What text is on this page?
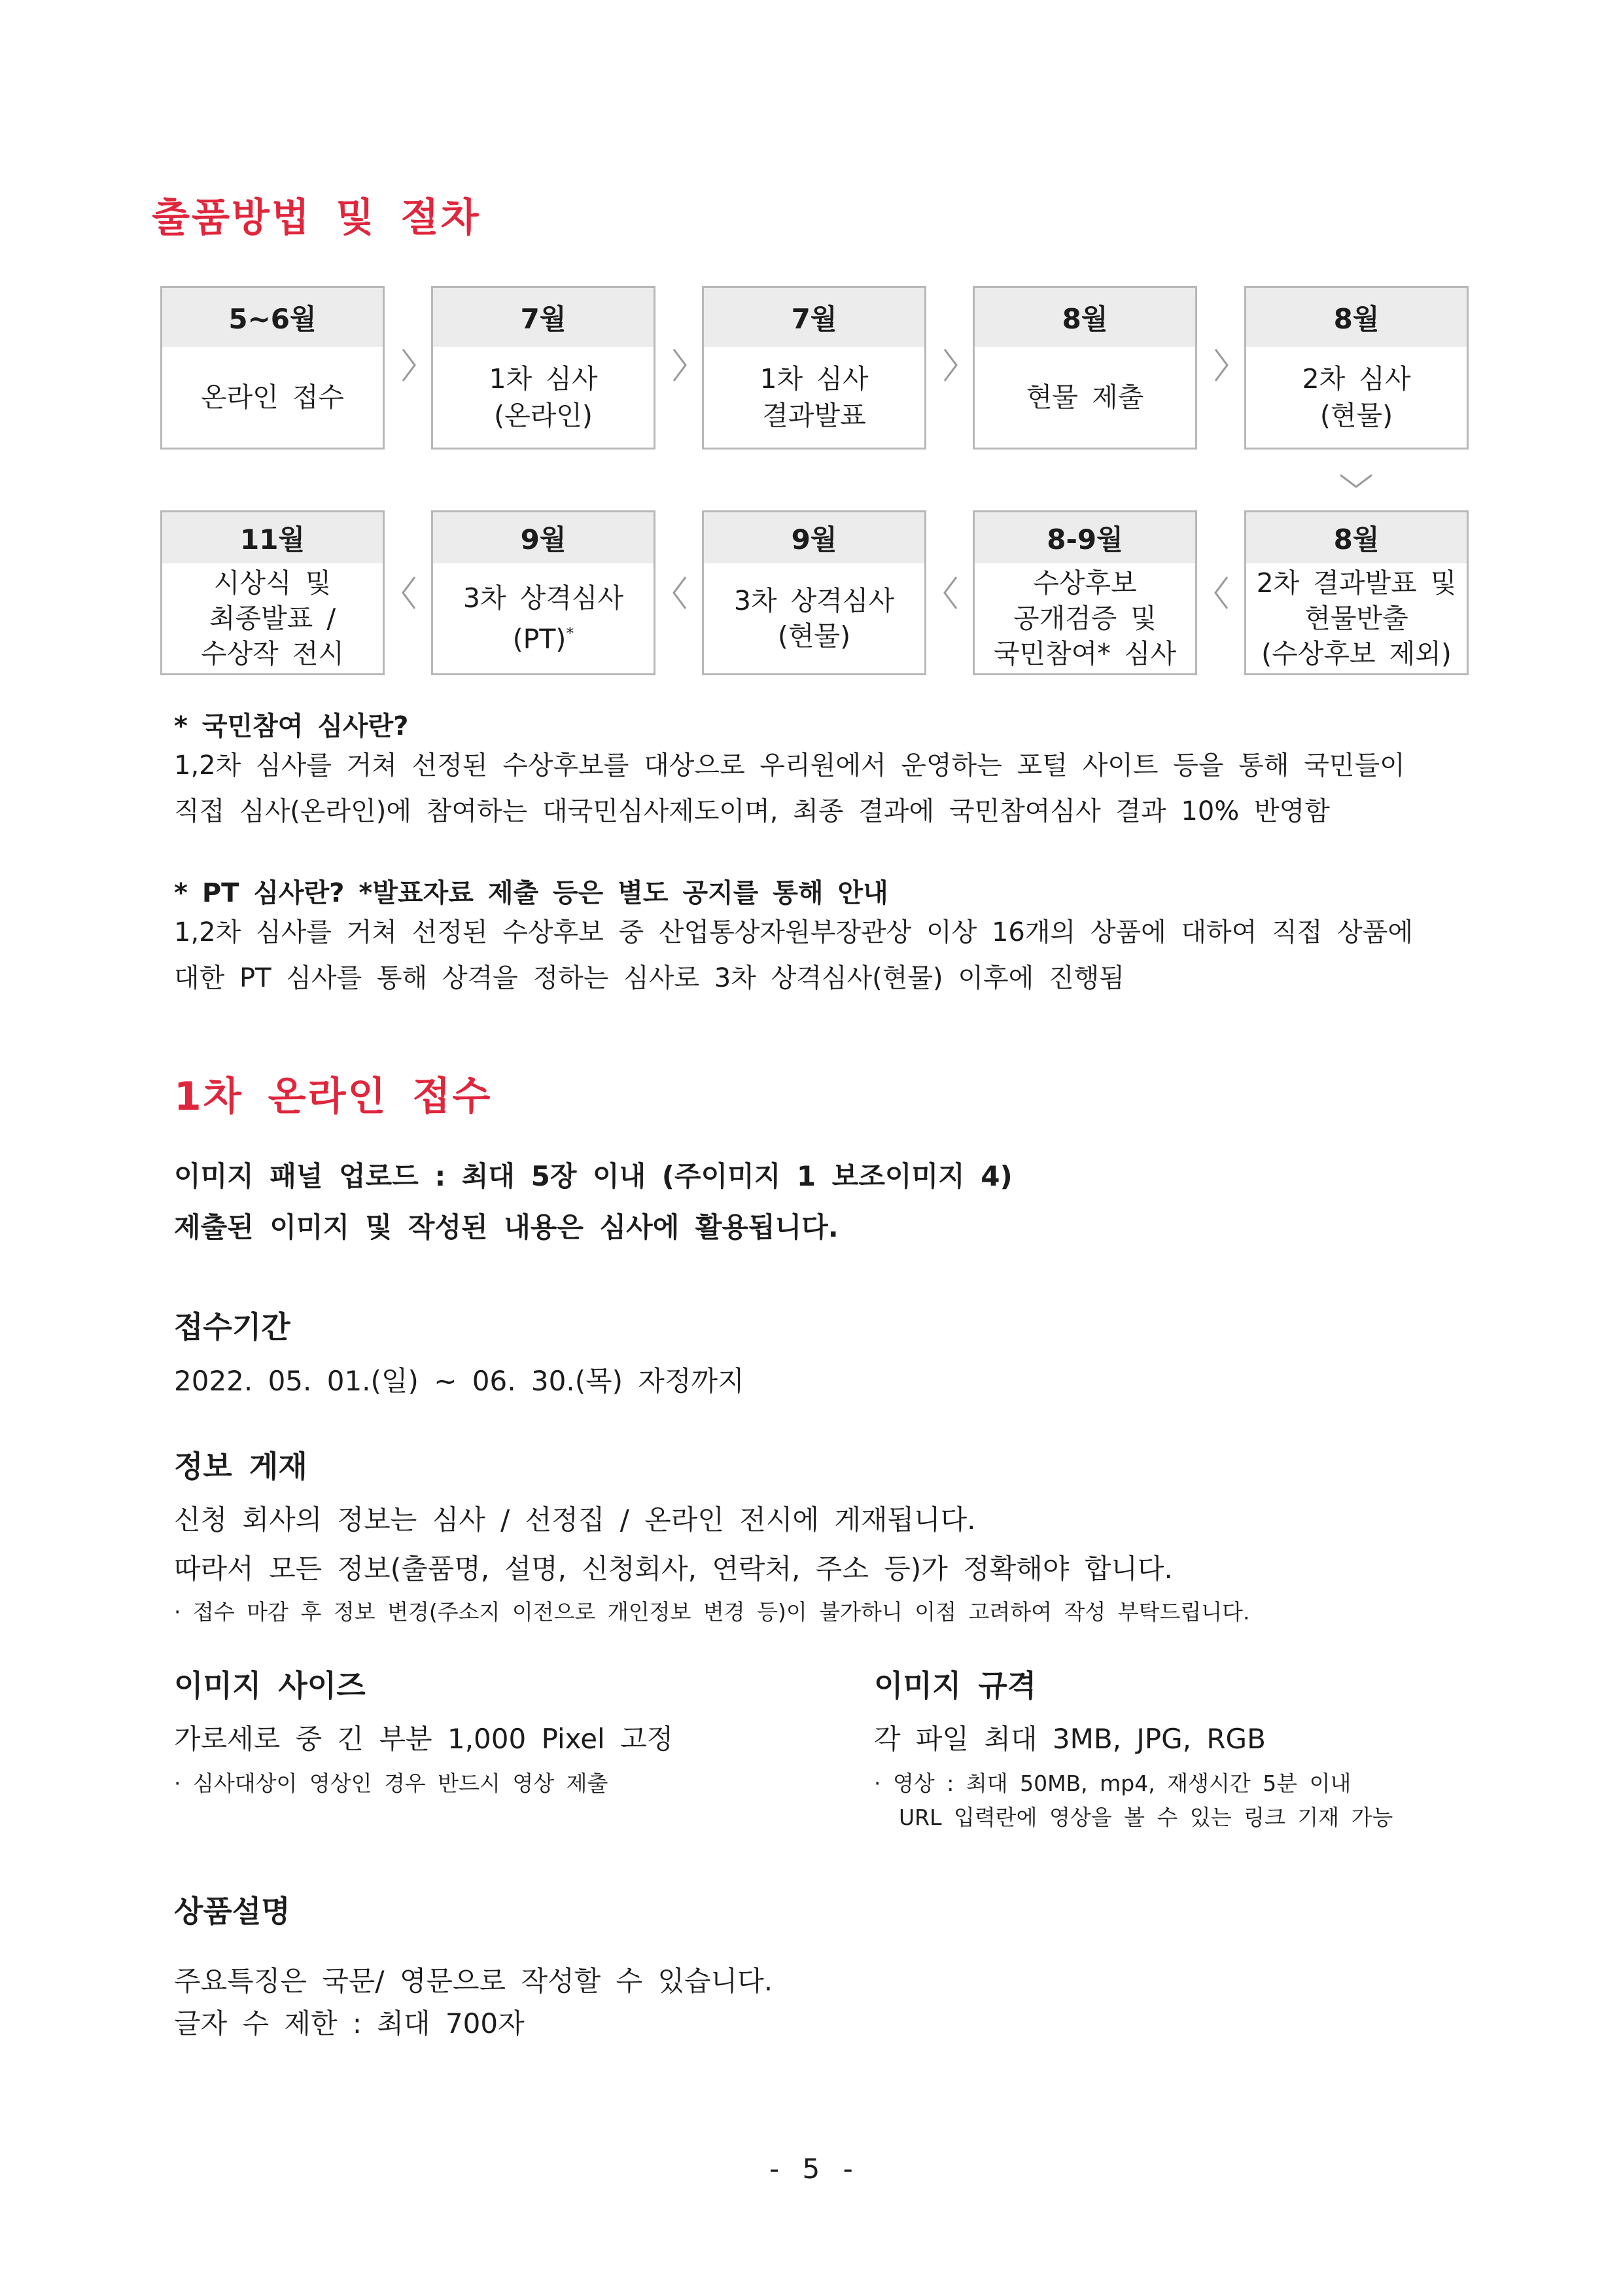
출품방법 및 절차
5~6월
온라인 접수
7월
1차 심사
(온라인)
7월
1차 심사
결과발표
8월
현물 제출
8월
2차 심사
(현물)
11월
시상식 및
최종발표 /
수상작 전시
9월
3차 상격심사
(PT)*
9월
3차 상격심사
(현물)
8-9월
수상후보
공개검증 및
국민참여* 심사
8월
2차 결과발표 및
현물반출
(수상후보 제외)
* 국민참여 심사란?
1,2차 심사를 거쳐 선정된 수상후보를 대상으로 우리원에서 운영하는 포털 사이트 등을 통해 국민들이
직접 심사(온라인)에 참여하는 대국민심사제도이며, 최종 결과에 국민참여심사 결과 10% 반영함
* PT 심사란? *발표자료 제출 등은 별도 공지를 통해 안내
1,2차 심사를 거쳐 선정된 수상후보 중 산업통상자원부장관상 이상 16개의 상품에 대하여 직접 상품에
대한 PT 심사를 통해 상격을 정하는 심사로 3차 상격심사(현물) 이후에 진행됨
1차 온라인 접수
이미지 패널 업로드 : 최대 5장 이내 (주이미지 1 보조이미지 4)
제출된 이미지 및 작성된 내용은 심사에 활용됩니다.
접수기간
2022. 05. 01.(일) ~ 06. 30.(목) 자정까지
정보 게재
신청 회사의 정보는 심사 / 선정집 / 온라인 전시에 게재됩니다.
따라서 모든 정보(출품명, 설명, 신청회사, 연락처, 주소 등)가 정확해야 합니다.
· 접수 마감 후 정보 변경(주소지 이전으로 개인정보 변경 등)이 불가하니 이점 고려하여 작성 부탁드립니다.
이미지 사이즈
가로세로 중 긴 부분 1,000 Pixel 고정
· 심사대상이 영상인 경우 반드시 영상 제출
이미지 규격
각 파일 최대 3MB, JPG, RGB
· 영상 : 최대 50MB, mp4, 재생시간 5분 이내
URL 입력란에 영상을 볼 수 있는 링크 기재 가능
상품설명
주요특징은 국문/ 영문으로 작성할 수 있습니다.
글자 수 제한 : 최대 700자
- 5 -
